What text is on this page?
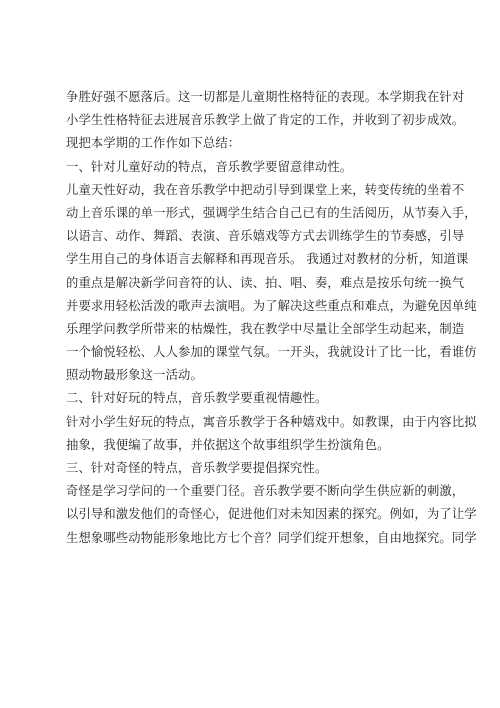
争胜好强不愿落后。这一切都是儿童期性格特征的表现。本学期我在针对
小学生性格特征去进展音乐教学上做了肯定的工作，并收到了初步成效。
现把本学期的工作作如下总结：
一、针对儿童好动的特点，音乐教学要留意律动性。
儿童天性好动，我在音乐教学中把动引导到课堂上来，转变传统的坐着不
动上音乐课的单一形式，强调学生结合自己已有的生活阅历，从节奏入手，
以语言、动作、舞蹈、表演、音乐嬉戏等方式去训练学生的节奏感，引导
学生用自己的身体语言去解释和再现音乐。 我通过对教材的分析，知道课
的重点是解决新学问音符的认、读、拍、唱、奏，难点是按乐句统一换气
并要求用轻松活泼的歌声去演唱。为了解决这些重点和难点，为避免因单纯
乐理学问教学所带来的枯燥性，我在教学中尽量让全部学生动起来，制造
一个愉悦轻松、人人参加的课堂气氛。一开头，我就设计了比一比，看谁仿
照动物最形象这一活动。
二、针对好玩的特点，音乐教学要重视情趣性。
针对小学生好玩的特点，寓音乐教学于各种嬉戏中。如教课，由于内容比拟
抽象，我便编了故事，并依据这个故事组织学生扮演角色。
三、针对奇怪的特点，音乐教学要提倡探究性。
奇怪是学习学问的一个重要门径。音乐教学要不断向学生供应新的刺激，
以引导和激发他们的奇怪心，促进他们对未知因素的探究。例如，为了让学
生想象哪些动物能形象地比方七个音？同学们绽开想象，自由地探究。同学
